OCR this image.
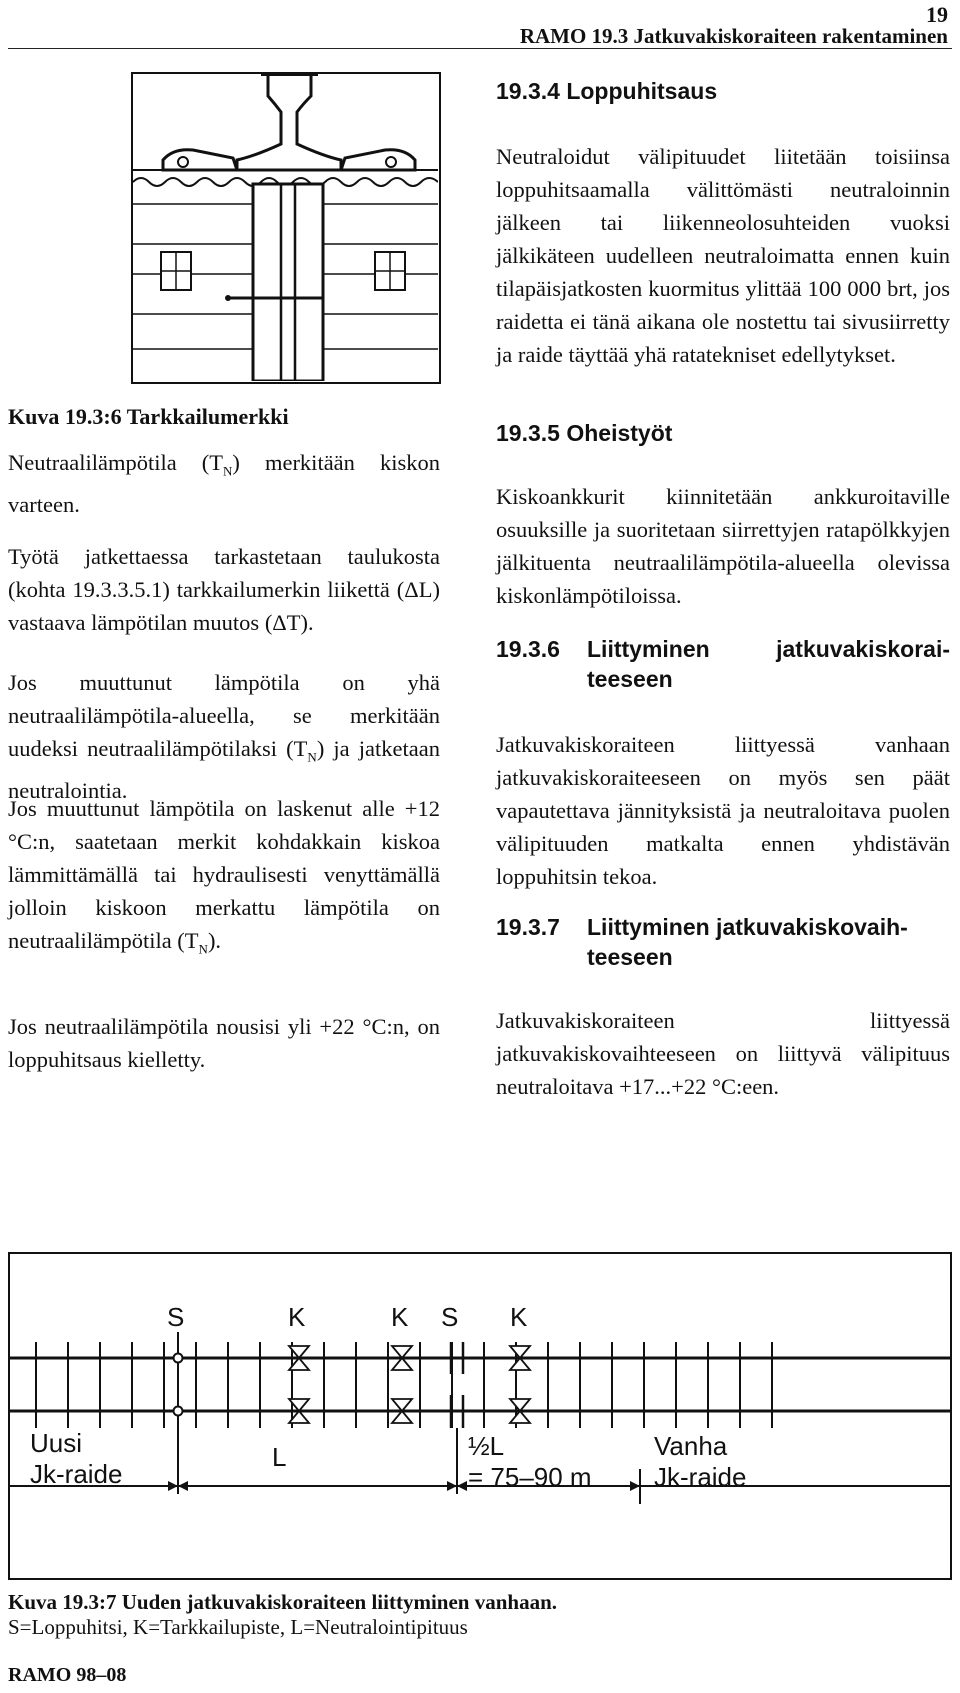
19
RAMO 19.3 Jatkuvakiskoraiteen rakentaminen
Kuva 19.3:6 Tarkkailumerkki
Neutraalilämpötila $(T_N)$ merkitään kiskon varteen.
Työtä jatkettaessa tarkastetaan taulukosta (kohta 19.3.3.5.1) tarkkailumerkin liikettä (ΔL) vastaava lämpötilan muutos (ΔT).
Jos muuttunut lämpötila on yhä neutraalilämpötila-alueella, se merkitään uudeksi neutraalilämpötilaksi $(T_N)$ ja jatketaan neutralointia.
Jos muuttunut lämpötila on laskenut alle +12 °C:n, saatetaan merkit kohdakkain kiskoa lämmittämällä tai hydraulisesti venyttämällä jolloin kiskoon merkattu lämpötila on neutraalilämpötila $(T_N)$.
Jos neutraalilämpötila nousisi yli +22 °C:n, on loppuhitsaus kielletty.
19.3.4 Loppuhitsaus
Neutraloidut välipituudet liitetään toisiinsa loppuhitsaamalla välittömästi neutraloinnin jälkeen tai liikenneolosuhteiden vuoksi jälkikäteen uudelleen neutraloimatta ennen kuin tilapäisjatkosten kuormitus ylittää 100 000 brt, jos raidetta ei tänä aikana ole nostettu tai sivusiirretty ja raide täyttää yhä ratatekniset edellytykset.
19.3.5 Oheistyöt
Kiskoankkurit kiinnitetään ankkuroitaville osuuksille ja suoritetaan siirrettyjen ratapölkkyjen jälkituenta neutraalilämpötila-alueella olevissa kiskonlämpötiloissa.
19.3.6 Liittyminen jatkuvakiskorai-
teeseen
Jatkuvakiskoraiteen liittyessä vanhaan jatkuvakiskoraiteeseen on myös sen päät vapautettava jännityksistä ja neutraloitava puolen välipituuden matkalta ennen yhdistävän loppuhitsin tekoa.
19.3.7 Liittyminen jatkuvakiskovaih-
teeseen
Jatkuvakiskoraiteen liittyessä jatkuvakiskovaihteeseen on liittyvä välipituus neutraloitava +17...+22 °C:een.
S	K	K S K
Uusi
Jk-raide
L	½L
= 75–90 m
Vanha
Jk-raide
Kuva 19.3:7 Uuden jatkuvakiskoraiteen liittyminen vanhaan.
S=Loppuhitsi, K=Tarkkailupiste, L=Neutralointipituus
RAMO 98–08
